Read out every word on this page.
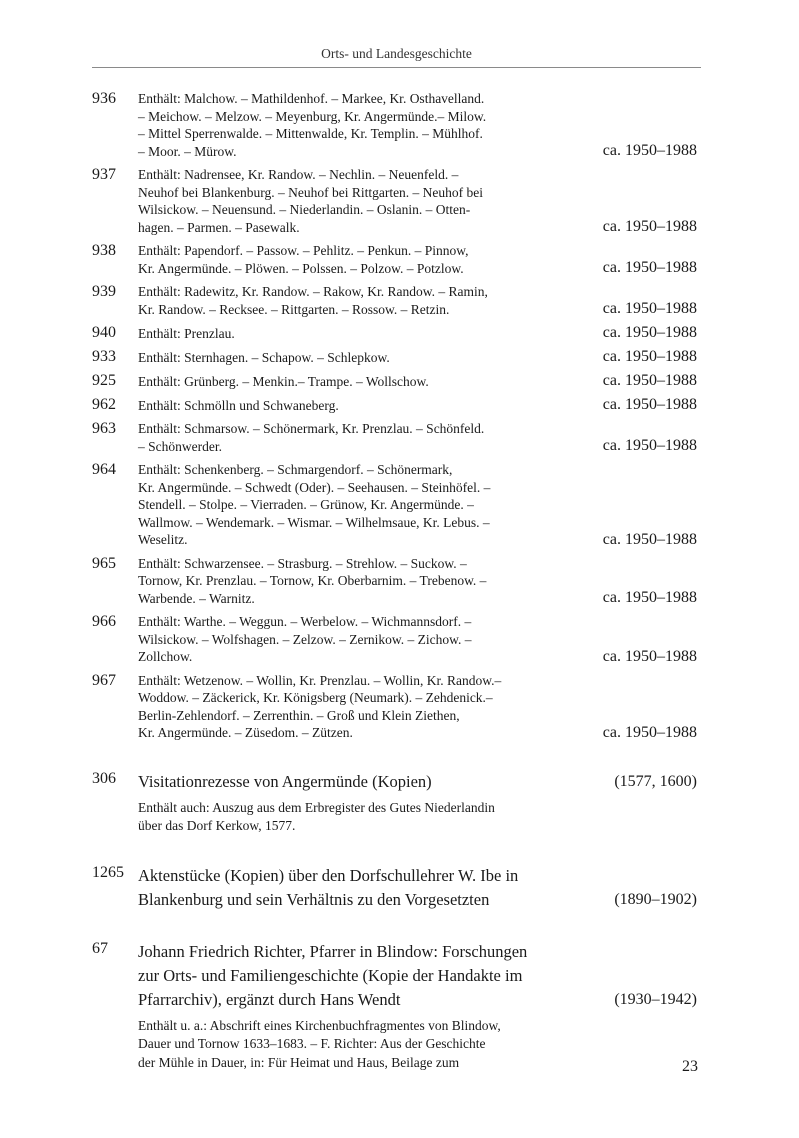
Orts- und Landesgeschichte
936	Enthält: Malchow. – Mathildenhof. – Markee, Kr. Osthavelland.
– Meichow. – Melzow. – Meyenburg, Kr. Angermünde.– Milow.
– Mittel Sperrenwalde. – Mittenwalde, Kr. Templin. – Mühlhof.
– Moor. – Mürow.	ca. 1950–1988
937	Enthält: Nadrensee, Kr. Randow. – Nechlin. – Neuenfeld. –
Neuhof bei Blankenburg. – Neuhof bei Rittgarten. – Neuhof bei
Wilsickow. – Neuensund. – Niederlandin. – Oslanin. – Otten-
hagen. – Parmen. – Pasewalk.	ca. 1950–1988
938	Enthält: Papendorf. – Passow. – Pehlitz. – Penkun. – Pinnow,
Kr. Angermünde. – Plöwen. – Polssen. – Polzow. – Potzlow.	ca. 1950–1988
939	Enthält: Radewitz, Kr. Randow. – Rakow, Kr. Randow. – Ramin,
Kr. Randow. – Recksee. – Rittgarten. – Rossow. – Retzin.	ca. 1950–1988
940	Enthält: Prenzlau.	ca. 1950–1988
933	Enthält: Sternhagen. – Schapow. – Schlepkow.	ca. 1950–1988
925	Enthält: Grünberg. – Menkin.– Trampe. – Wollschow.	ca. 1950–1988
962	Enthält: Schmölln und Schwaneberg.	ca. 1950–1988
963	Enthält: Schmarsow. – Schönermark, Kr. Prenzlau. – Schönfeld.
– Schönwerder.	ca. 1950–1988
964	Enthält: Schenkenberg. – Schmargendorf. – Schönermark,
Kr. Angermünde. – Schwedt (Oder). – Seehausen. – Steinhöfel. –
Stendell. – Stolpe. – Vierraden. – Grünow, Kr. Angermünde. –
Wallmow. – Wendemark. – Wismar. – Wilhelmsaue, Kr. Lebus. –
Weselitz.	ca. 1950–1988
965	Enthält: Schwarzensee. – Strasburg. – Strehlow. – Suckow. –
Tornow, Kr. Prenzlau. – Tornow, Kr. Oberbarnim. – Trebenow. –
Warbende. – Warnitz.	ca. 1950–1988
966	Enthält: Warthe. – Weggun. – Werbelow. – Wichmannsdorf. –
Wilsickow. – Wolfshagen. – Zelzow. – Zernikow. – Zichow. –
Zollchow.	ca. 1950–1988
967	Enthält: Wetzenow. – Wollin, Kr. Prenzlau. – Wollin, Kr. Randow.–
Woddow. – Zäckerick, Kr. Königsberg (Neumark). – Zehdenick.–
Berlin-Zehlendorf. – Zerrenthin. – Groß und Klein Ziethen,
Kr. Angermünde. – Züsedom. – Zützen.	ca. 1950–1988
306	Visitationrezesse von Angermünde (Kopien)	(1577, 1600)
Enthält auch: Auszug aus dem Erbregister des Gutes Niederlandin
über das Dorf Kerkow, 1577.
1265 Aktenstücke (Kopien) über den Dorfschullehrer W. Ibe in
Blankenburg und sein Verhältnis zu den Vorgesetzten	(1890–1902)
67	Johann Friedrich Richter, Pfarrer in Blindow: Forschungen
zur Orts- und Familiengeschichte (Kopie der Handakte im
Pfarrarchiv), ergänzt durch Hans Wendt	(1930–1942)
Enthält u. a.: Abschrift eines Kirchenbuchfragmentes von Blindow,
Dauer und Tornow 1633–1683. – F. Richter: Aus der Geschichte
der Mühle in Dauer, in: Für Heimat und Haus, Beilage zum	23
